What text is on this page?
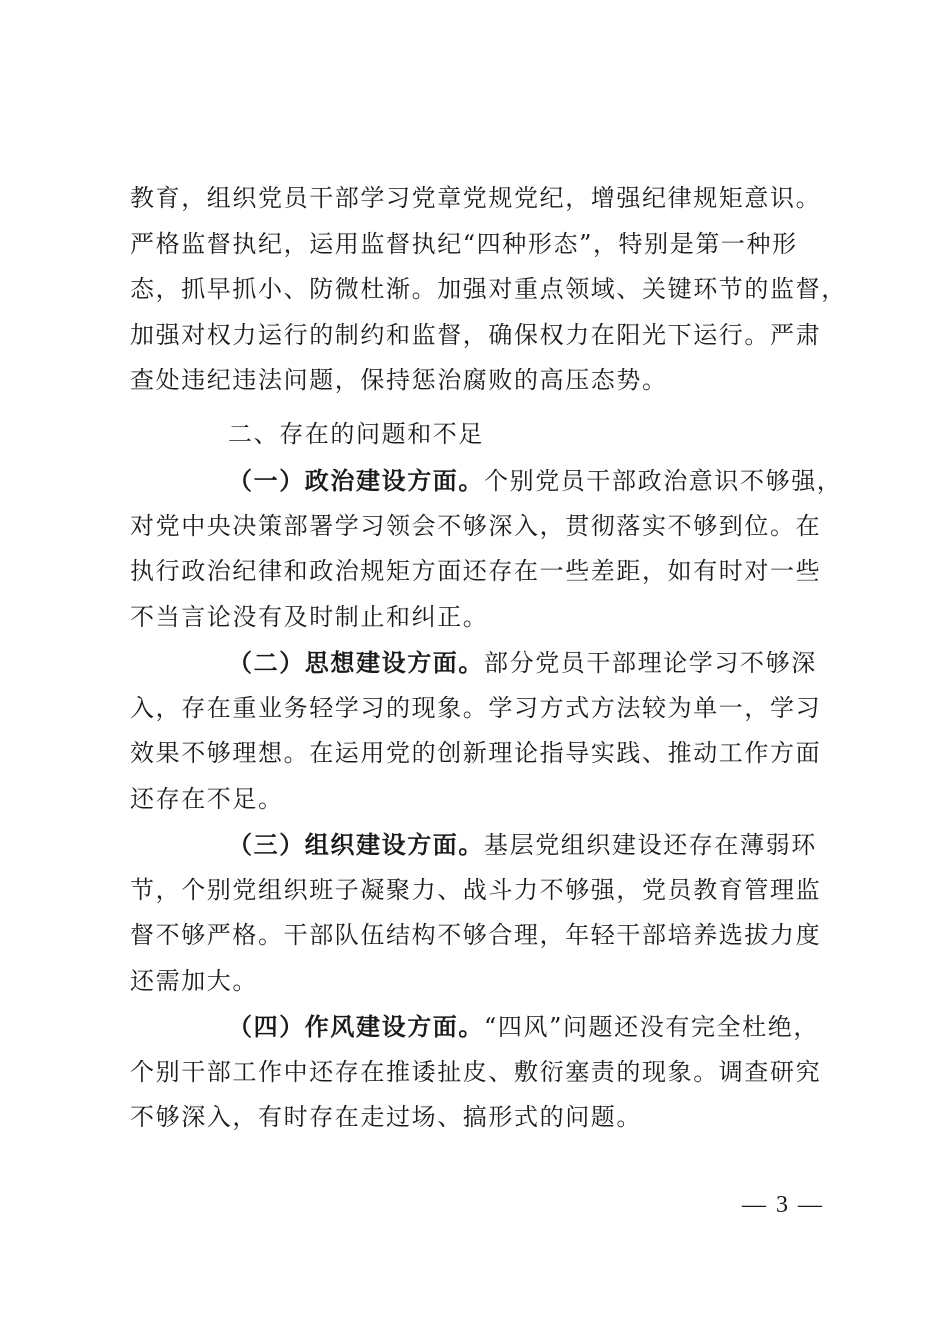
教育，组织党员干部学习党章党规党纪，增强纪律规矩意识。
严格监督执纪，运用监督执纪“四种形态”，特别是第一种形
态，抓早抓小、防微杜渐。加强对重点领域、关键环节的监督，
加强对权力运行的制约和监督，确保权力在阳光下运行。严肃
查处违纪违法问题，保持惩治腐败的高压态势。
二、存在的问题和不足
（一）政治建设方面。个别党员干部政治意识不够强，
对党中央决策部署学习领会不够深入，贯彻落实不够到位。在
执行政治纪律和政治规矩方面还存在一些差距，如有时对一些
不当言论没有及时制止和纠正。
（二）思想建设方面。部分党员干部理论学习不够深
入，存在重业务轻学习的现象。学习方式方法较为单一，学习
效果不够理想。在运用党的创新理论指导实践、推动工作方面
还存在不足。
（三）组织建设方面。基层党组织建设还存在薄弱环
节，个别党组织班子凝聚力、战斗力不够强，党员教育管理监
督不够严格。干部队伍结构不够合理，年轻干部培养选拔力度
还需加大。
（四）作风建设方面。“四风”问题还没有完全杜绝，
个别干部工作中还存在推诿扯皮、敷衍塞责的现象。调查研究
不够深入，有时存在走过场、搞形式的问题。
— 3 —
